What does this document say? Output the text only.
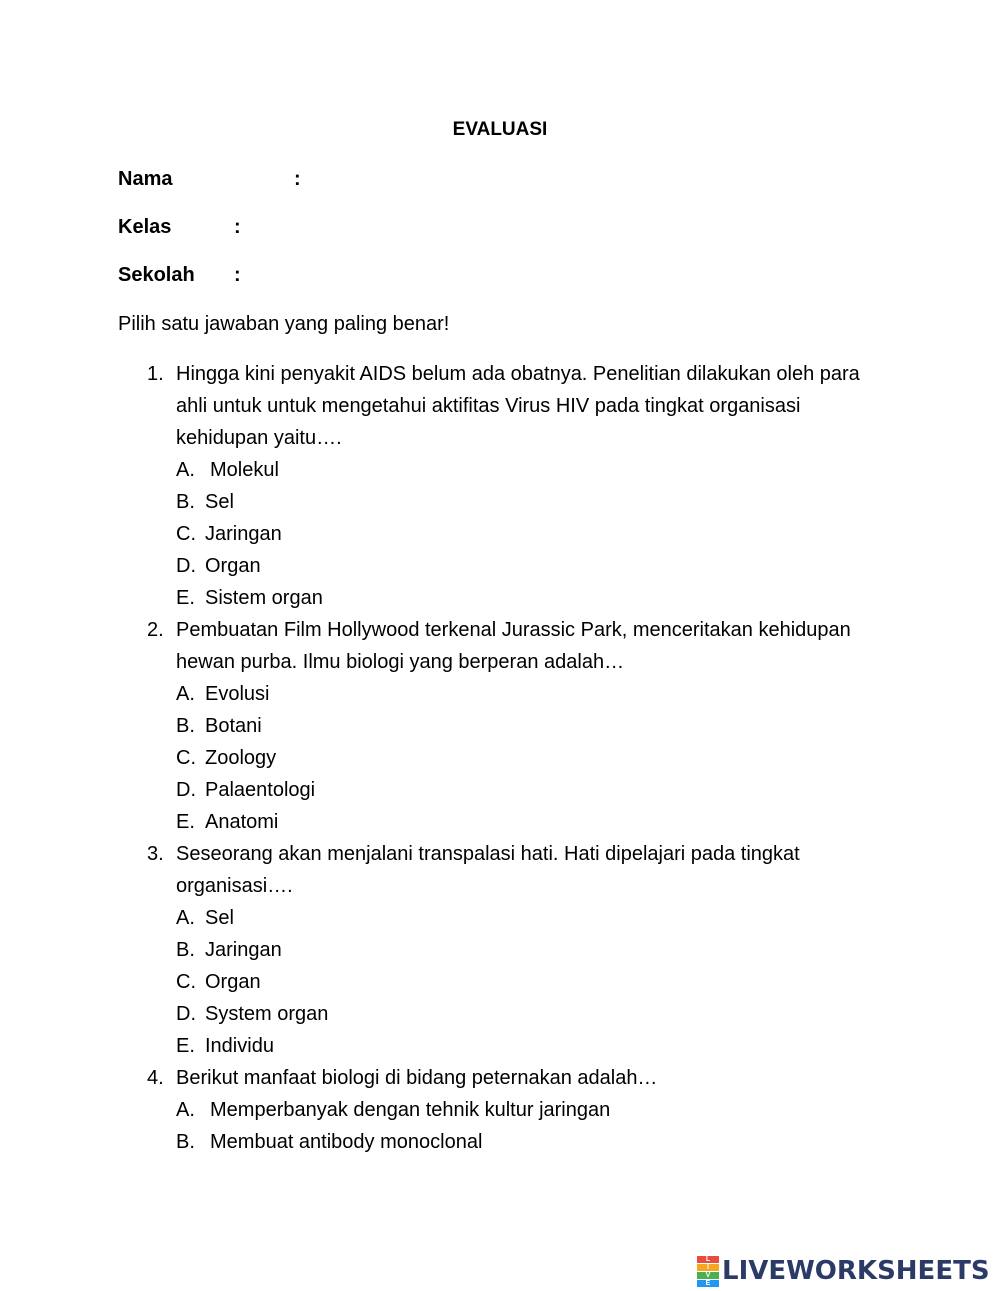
EVALUASI
Nama	:
Kelas	:
Sekolah :
Pilih satu jawaban yang paling benar!
1. Hingga kini penyakit AIDS belum ada obatnya. Penelitian dilakukan oleh para ahli untuk untuk mengetahui aktifitas Virus HIV pada tingkat organisasi kehidupan yaitu….
A. Molekul
B. Sel
C. Jaringan
D. Organ
E. Sistem organ
2. Pembuatan Film Hollywood terkenal Jurassic Park, menceritakan kehidupan hewan purba. Ilmu biologi yang berperan adalah…
A. Evolusi
B. Botani
C. Zoology
D. Palaentologi
E. Anatomi
3. Seseorang akan menjalani transpalasi hati. Hati dipelajari pada tingkat organisasi….
A. Sel
B. Jaringan
C. Organ
D. System organ
E. Individu
4. Berikut manfaat biologi di bidang peternakan adalah…
A. Memperbanyak dengan tehnik kultur jaringan
B. Membuat antibody monoclonal
L
I
V
E LIVEWORKSHEETS
